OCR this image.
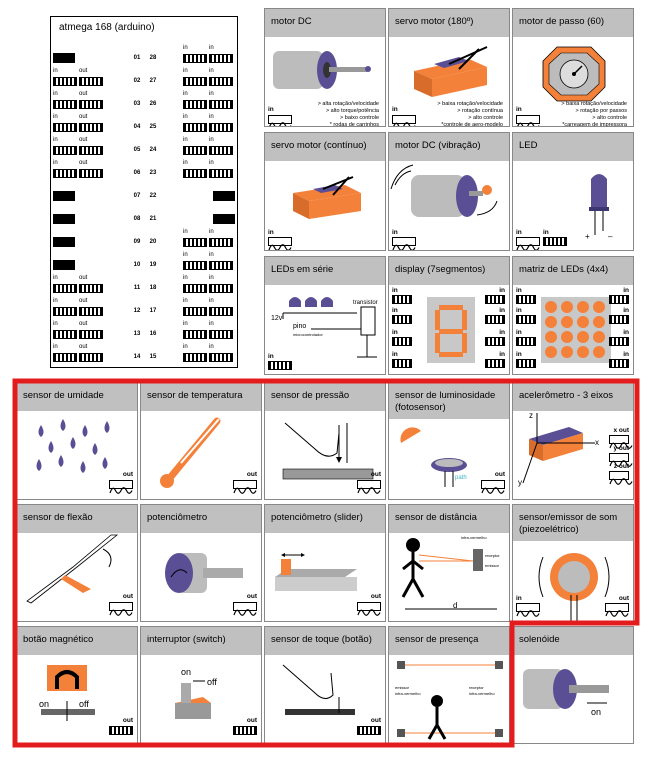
atmega 168 (arduino)
01	28
in	in
02	27
in	out	in	in
03	26
in	out	in	in
04	25
in	out	in	in
05	24
in	out	in	in
06	23
in	out	in	in
07	22
08	21
09	20
in	in
10	19
in	in
11	18
in	out	in	in
12	17
in	out	in	in
13	16
in	out	in	in
14	15
in	out	in	in
motor DC
> alta rotação/velocidade
> alto torque/potência
> baixo controle
* rodas de carrinhos
in
servo motor (180º)
> baixa rotação/velocidade
> rotação contínua
> alto controle
*controle de aero-modelo
in
motor de passo (60)
> baixa rotação/velocidade
> rotação por passos
> alto controle
*carreagem de impressora
in
servo motor (contínuo)
in
motor DC (vibração)
in
LED
+ –
in	in
LEDs em série
12v
transistor
pino
microcontrolador
in
display (7segmentos)
in
in
in
in
in
in
in
in
matriz de LEDs (4x4)
in
in
in
in
in
in
in
in
sensor de umidade
out
sensor de temperatura
out
sensor de pressão
out
sensor de luminosidade
(fotosensor)
path	out
acelerômetro - 3 eixos
z
x
y
x out
y out
z out
sensor de flexão
out
potenciômetro
out
potenciômetro (slider)
out
sensor de distância
infra-vermelho
receptor
emissor
d
sensor/emissor de som
(piezoelétrico)
in	out
botão magnético
on	off
out
interruptor (switch)
on
off
out
sensor de toque (botão)
out
sensor de presença
emissor
infra-vermelho
receptor
infra-vermelho
solenóide
on
